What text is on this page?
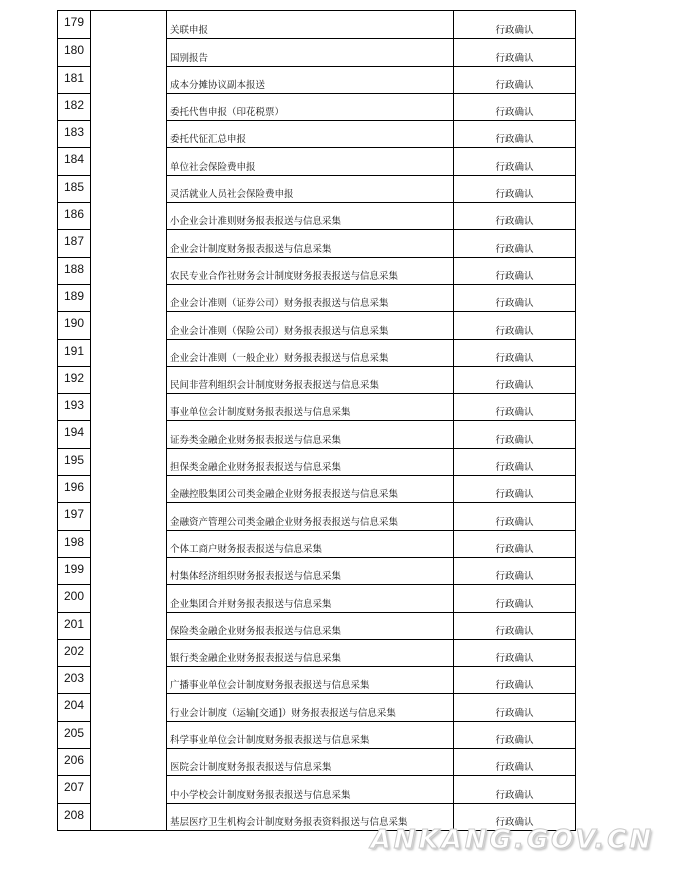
179
关联申报	行政确认
180
国别报告	行政确认
181
成本分摊协议副本报送	行政确认
182
委托代售申报（印花税票）	行政确认
183
委托代征汇总申报	行政确认
184
单位社会保险费申报	行政确认
185
灵活就业人员社会保险费申报	行政确认
186
小企业会计准则财务报表报送与信息采集	行政确认
187
企业会计制度财务报表报送与信息采集	行政确认
188
农民专业合作社财务会计制度财务报表报送与信息采集	行政确认
189
企业会计准则（证券公司）财务报表报送与信息采集	行政确认
190
企业会计准则（保险公司）财务报表报送与信息采集	行政确认
191
企业会计准则（一般企业）财务报表报送与信息采集	行政确认
192
民间非营利组织会计制度财务报表报送与信息采集	行政确认
193
事业单位会计制度财务报表报送与信息采集	行政确认
194
证券类金融企业财务报表报送与信息采集	行政确认
195
担保类金融企业财务报表报送与信息采集	行政确认
196
金融控股集团公司类金融企业财务报表报送与信息采集	行政确认
197
金融资产管理公司类金融企业财务报表报送与信息采集	行政确认
198
个体工商户财务报表报送与信息采集	行政确认
199
村集体经济组织财务报表报送与信息采集	行政确认
200
企业集团合并财务报表报送与信息采集	行政确认
201
保险类金融企业财务报表报送与信息采集	行政确认
202
银行类金融企业财务报表报送与信息采集	行政确认
203
广播事业单位会计制度财务报表报送与信息采集	行政确认
204
行业会计制度（运输[交通]）财务报表报送与信息采集	行政确认
205
科学事业单位会计制度财务报表报送与信息采集	行政确认
206
医院会计制度财务报表报送与信息采集	行政确认
207
中小学校会计制度财务报表报送与信息采集	行政确认
208
基层医疗卫生机构会计制度财务报表资料报送与信息采集	行政确认
ANKANG.GOV.CN
